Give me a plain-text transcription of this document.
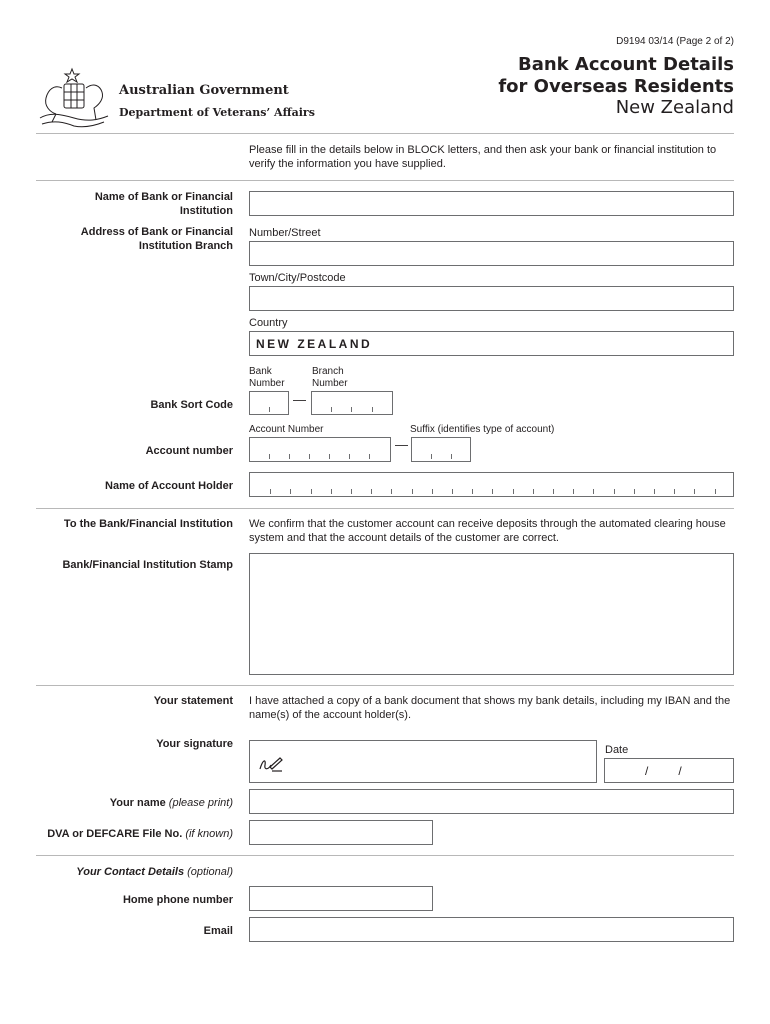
D9194 03/14 (Page 2 of 2)
Bank Account Details
for Overseas Residents
New Zealand
Australian Government
Department of Veterans’ Affairs
Please fill in the details below in BLOCK letters, and then ask your bank or financial institution to verify the information you have supplied.
Name of Bank or Financial
Institution
Address of Bank or Financial
Institution Branch
Number/Street
Town/City/Postcode
Country
NEW ZEALAND
Bank
Number
Branch
Number
Bank Sort Code	—
Account Number	Suffix (identifies type of account)
Account number	—
Name of Account Holder
To the Bank/Financial Institution We confirm that the customer account can receive deposits through the automated clearing house system and that the account details of the customer are correct.
Bank/Financial Institution Stamp
Your statement I have attached a copy of a bank document that shows my bank details, including my IBAN and the name(s) of the account holder(s).
Your signature	Date
/         /
Your name (please print)
DVA or DEFCARE File No. (if known)
Your Contact Details (optional)
Home phone number
Email
